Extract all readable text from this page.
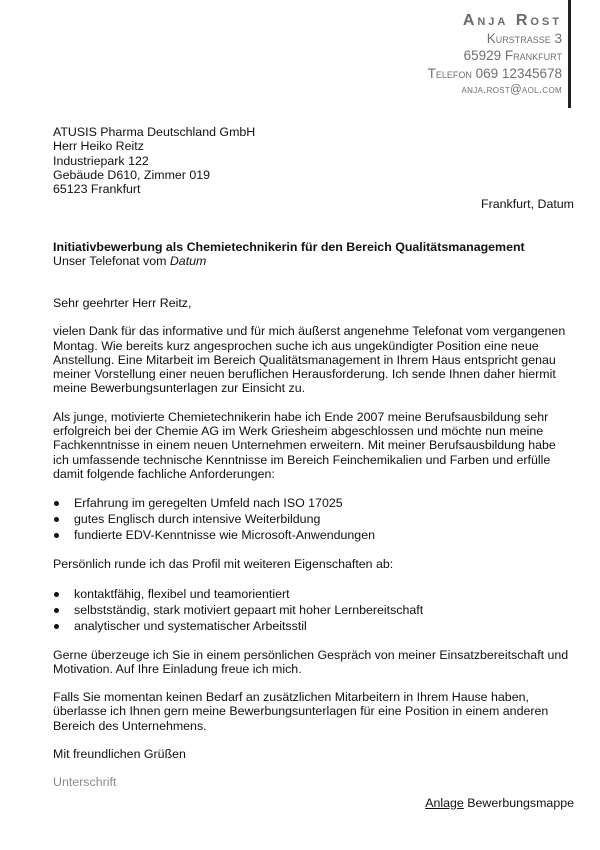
Anja Rost
Kurstrasse 3
65929 Frankfurt
Telefon 069 12345678
anja.rost@aol.com
ATUSIS Pharma Deutschland GmbH
Herr Heiko Reitz
Industriepark 122
Gebäude D610, Zimmer 019
65123 Frankfurt
Frankfurt, Datum
Initiativbewerbung als Chemietechnikerin für den Bereich Qualitätsmanagement
Unser Telefonat vom Datum

Sehr geehrter Herr Reitz,

vielen Dank für das informative und für mich äußerst angenehme Telefonat vom vergangenen Montag. Wie bereits kurz angesprochen suche ich aus ungekündigter Position eine neue Anstellung. Eine Mitarbeit im Bereich Qualitätsmanagement in Ihrem Haus entspricht genau meiner Vorstellung einer neuen beruflichen Herausforderung. Ich sende Ihnen daher hiermit meine Bewerbungsunterlagen zur Einsicht zu.

Als junge, motivierte Chemietechnikerin habe ich Ende 2007 meine Berufsausbildung sehr erfolgreich bei der Chemie AG im Werk Griesheim abgeschlossen und möchte nun meine Fachkenntnisse in einem neuen Unternehmen erweitern. Mit meiner Berufsausbildung habe ich umfassende technische Kenntnisse im Bereich Feinchemikalien und Farben und erfülle damit folgende fachliche Anforderungen:

Erfahrung im geregelten Umfeld nach ISO 17025
gutes Englisch durch intensive Weiterbildung
fundierte EDV-Kenntnisse wie Microsoft-Anwendungen

Persönlich runde ich das Profil mit weiteren Eigenschaften ab:

kontaktfähig, flexibel und teamorientiert
selbstständig, stark motiviert gepaart mit hoher Lernbereitschaft
analytischer und systematischer Arbeitsstil

Gerne überzeuge ich Sie in einem persönlichen Gespräch von meiner Einsatzbereitschaft und Motivation. Auf Ihre Einladung freue ich mich.

Falls Sie momentan keinen Bedarf an zusätzlichen Mitarbeitern in Ihrem Hause haben, überlasse ich Ihnen gern meine Bewerbungsunterlagen für eine Position in einem anderen Bereich des Unternehmens.

Mit freundlichen Grüßen

Unterschrift

Anlage Bewerbungsmappe
